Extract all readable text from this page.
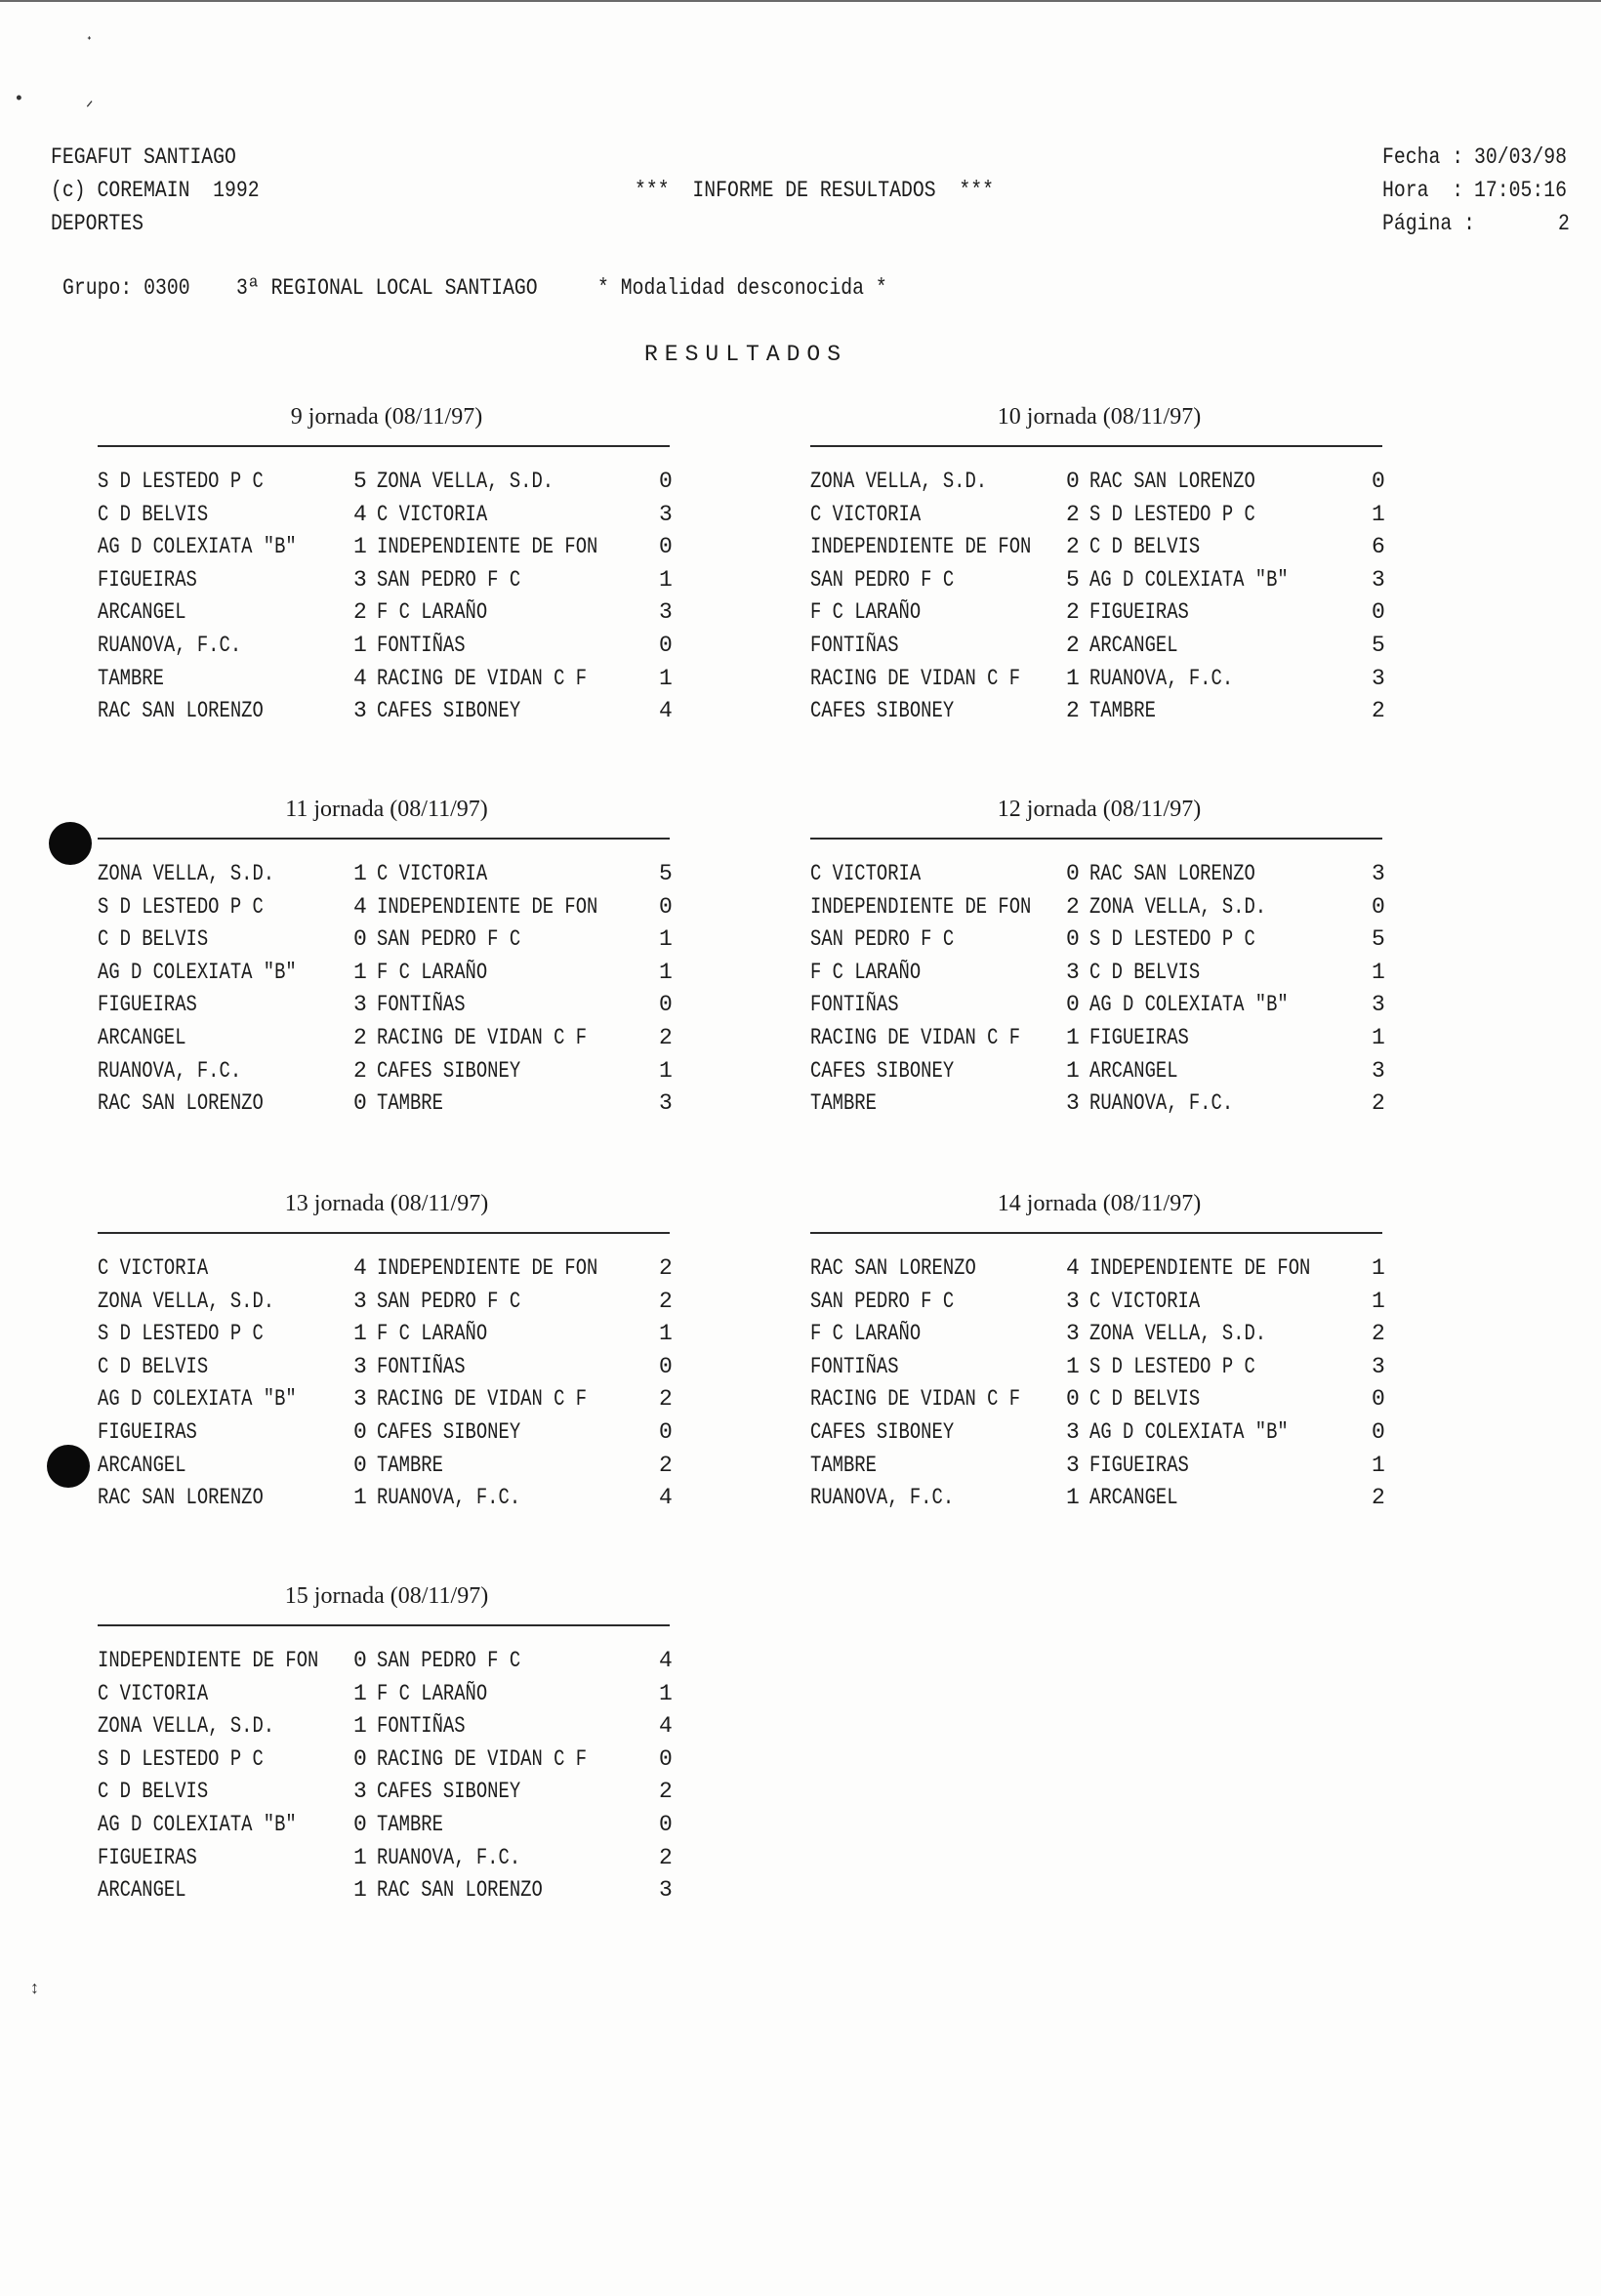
˖
•	ᐟ
FEGAFUT SANTIAGO
(c) COREMAIN  1992
DEPORTES
***  INFORME DE RESULTADOS  ***
Fecha : 30/03/98
Hora  : 17:05:16
Página :	2
Grupo: 0300 3ª REGIONAL LOCAL SANTIAGO	* Modalidad desconocida *
RESULTADOS
9 jornada (08/11/97)
S D LESTEDO P C	5 ZONA VELLA, S.D.	0
C D BELVIS	4 C VICTORIA	3
AG D COLEXIATA "B"	1 INDEPENDIENTE DE FON	0
FIGUEIRAS	3 SAN PEDRO F C	1
ARCANGEL	2 F C LARAÑO	3
RUANOVA, F.C.	1 FONTIÑAS	0
TAMBRE	4 RACING DE VIDAN C F	1
RAC SAN LORENZO	3 CAFES SIBONEY	4
10 jornada (08/11/97)
ZONA VELLA, S.D.	0 RAC SAN LORENZO	0
C VICTORIA	2 S D LESTEDO P C	1
INDEPENDIENTE DE FON 2 C D BELVIS	6
SAN PEDRO F C	5 AG D COLEXIATA "B"	3
F C LARAÑO	2 FIGUEIRAS	0
FONTIÑAS	2 ARCANGEL	5
RACING DE VIDAN C F 1 RUANOVA, F.C.	3
CAFES SIBONEY	2 TAMBRE	2
11 jornada (08/11/97)
ZONA VELLA, S.D.	1 C VICTORIA	5
S D LESTEDO P C	4 INDEPENDIENTE DE FON	0
C D BELVIS	0 SAN PEDRO F C	1
AG D COLEXIATA "B"	1 F C LARAÑO	1
FIGUEIRAS	3 FONTIÑAS	0
ARCANGEL	2 RACING DE VIDAN C F	2
RUANOVA, F.C.	2 CAFES SIBONEY	1
RAC SAN LORENZO	0 TAMBRE	3
12 jornada (08/11/97)
C VICTORIA	0 RAC SAN LORENZO	3
INDEPENDIENTE DE FON 2 ZONA VELLA, S.D.	0
SAN PEDRO F C	0 S D LESTEDO P C	5
F C LARAÑO	3 C D BELVIS	1
FONTIÑAS	0 AG D COLEXIATA "B"	3
RACING DE VIDAN C F 1 FIGUEIRAS	1
CAFES SIBONEY	1 ARCANGEL	3
TAMBRE	3 RUANOVA, F.C.	2
13 jornada (08/11/97)
C VICTORIA	4 INDEPENDIENTE DE FON	2
ZONA VELLA, S.D.	3 SAN PEDRO F C	2
S D LESTEDO P C	1 F C LARAÑO	1
C D BELVIS	3 FONTIÑAS	0
AG D COLEXIATA "B"	3 RACING DE VIDAN C F	2
FIGUEIRAS	0 CAFES SIBONEY	0
ARCANGEL	0 TAMBRE	2
RAC SAN LORENZO	1 RUANOVA, F.C.	4
14 jornada (08/11/97)
RAC SAN LORENZO	4 INDEPENDIENTE DE FON	1
SAN PEDRO F C	3 C VICTORIA	1
F C LARAÑO	3 ZONA VELLA, S.D.	2
FONTIÑAS	1 S D LESTEDO P C	3
RACING DE VIDAN C F 0 C D BELVIS	0
CAFES SIBONEY	3 AG D COLEXIATA "B"	0
TAMBRE	3 FIGUEIRAS	1
RUANOVA, F.C.	1 ARCANGEL	2
15 jornada (08/11/97)
INDEPENDIENTE DE FON 0 SAN PEDRO F C	4
C VICTORIA	1 F C LARAÑO	1
ZONA VELLA, S.D.	1 FONTIÑAS	4
S D LESTEDO P C	0 RACING DE VIDAN C F	0
C D BELVIS	3 CAFES SIBONEY	2
AG D COLEXIATA "B"	0 TAMBRE	0
FIGUEIRAS	1 RUANOVA, F.C.	2
ARCANGEL	1 RAC SAN LORENZO	3
↕
